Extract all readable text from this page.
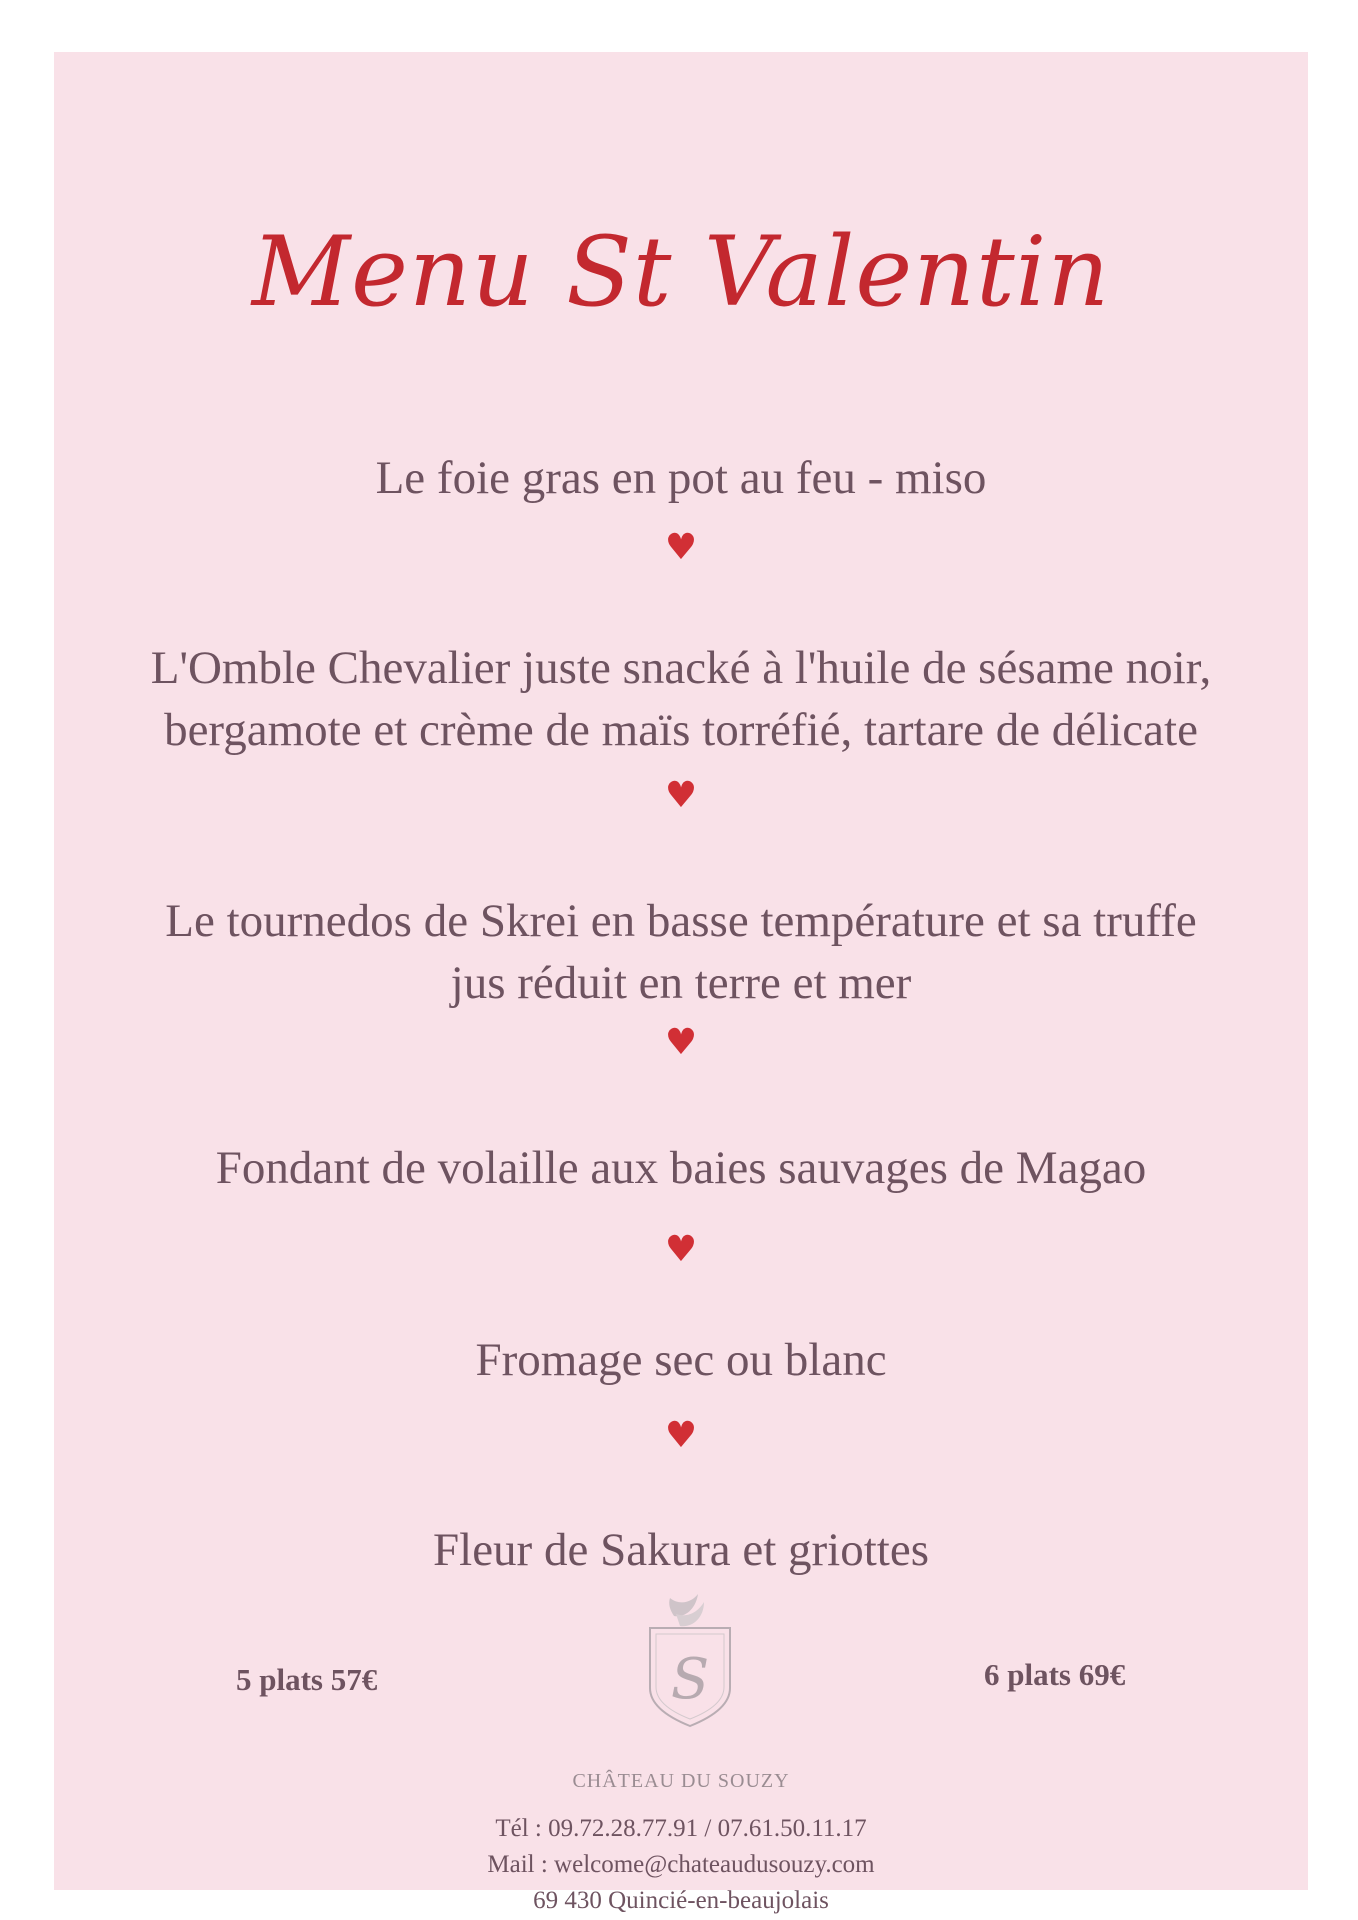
Menu St Valentin
Le foie gras en pot au feu - miso
♥
L'Omble Chevalier juste snacké à l'huile de sésame noir,
bergamote et crème de maïs torréfié, tartare de délicate
♥
Le tournedos de Skrei en basse température et sa truffe
jus réduit en terre et mer
♥
Fondant de volaille aux baies sauvages de Magao
♥
Fromage sec ou blanc
♥
Fleur de Sakura et griottes
5 plats 57€	6 plats 69€
S
CHÂTEAU DU SOUZY
Tél : 09.72.28.77.91 / 07.61.50.11.17
Mail : welcome@chateaudusouzy.com
69 430 Quincié-en-beaujolais
